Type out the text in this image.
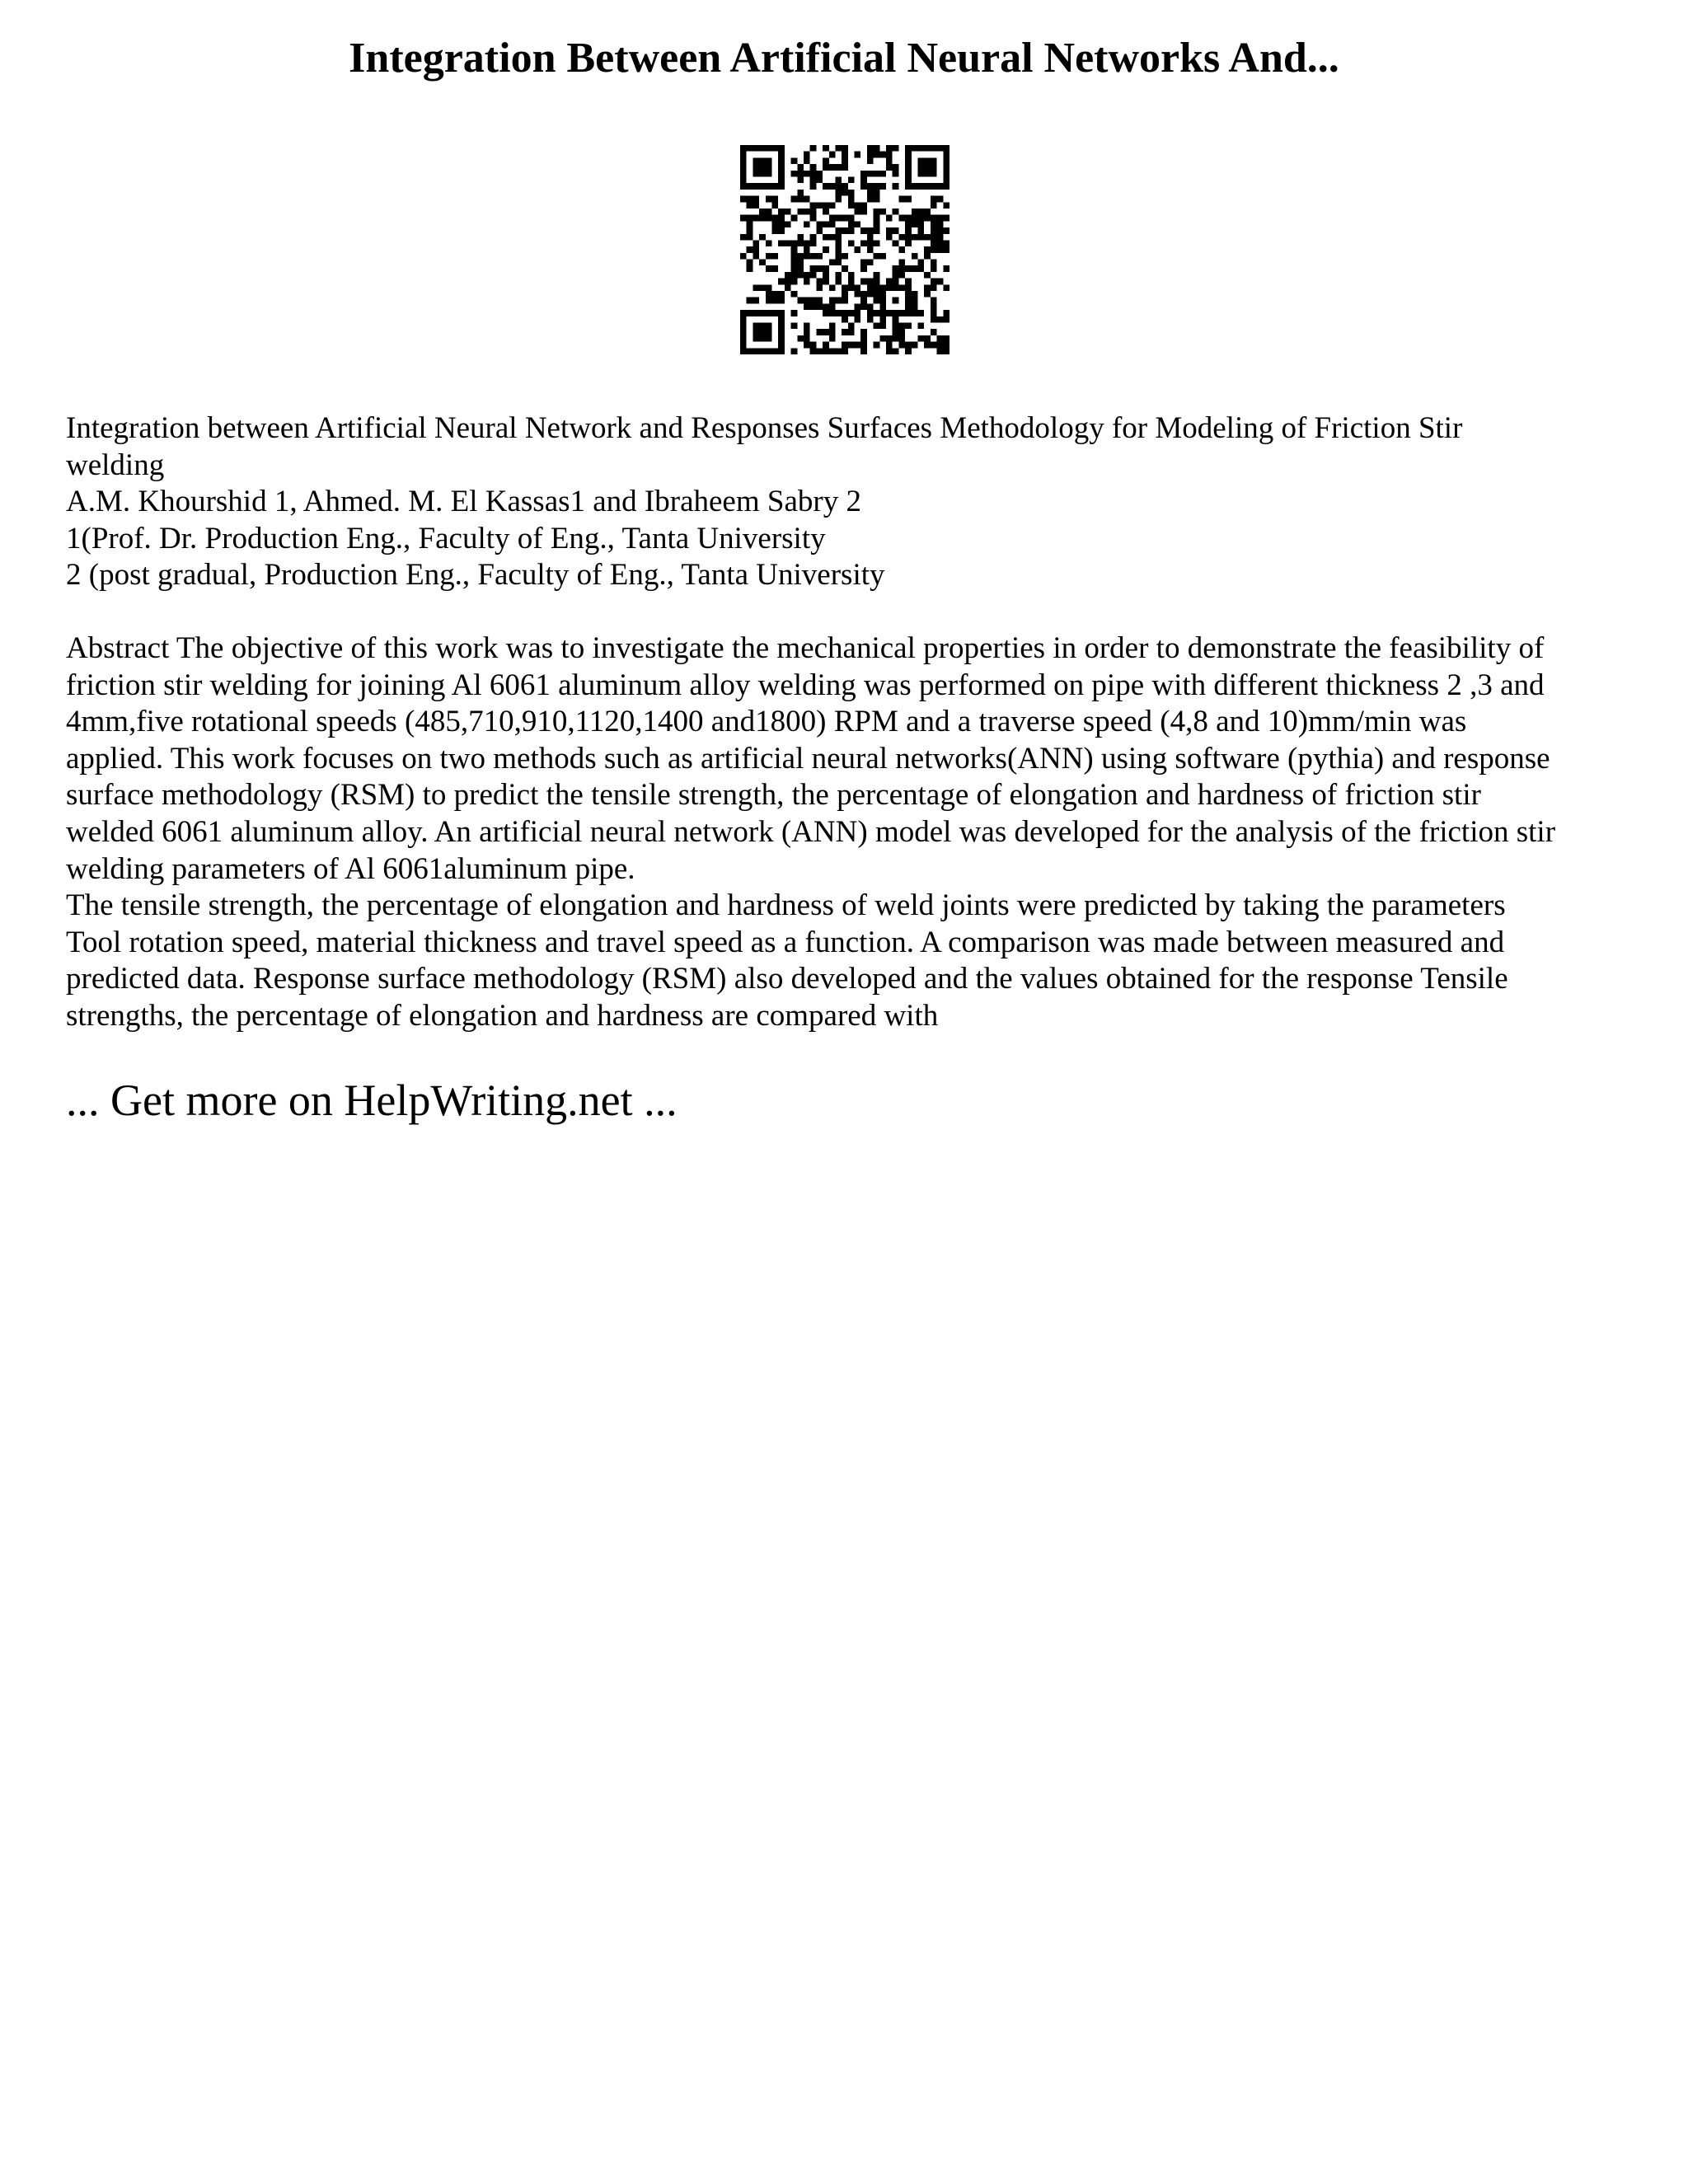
Integration Between Artificial Neural Networks And...
Integration between Artificial Neural Network and Responses Surfaces Methodology for Modeling of Friction Stir
welding
A.M. Khourshid 1, Ahmed. M. El Kassas1 and Ibraheem Sabry 2
1(Prof. Dr. Production Eng., Faculty of Eng., Tanta University
2 (post gradual, Production Eng., Faculty of Eng., Tanta University
Abstract The objective of this work was to investigate the mechanical properties in order to demonstrate the feasibility of
friction stir welding for joining Al 6061 aluminum alloy welding was performed on pipe with different thickness 2 ,3 and
4mm,five rotational speeds (485,710,910,1120,1400 and1800) RPM and a traverse speed (4,8 and 10)mm/min was
applied. This work focuses on two methods such as artificial neural networks(ANN) using software (pythia) and response
surface methodology (RSM) to predict the tensile strength, the percentage of elongation and hardness of friction stir
welded 6061 aluminum alloy. An artificial neural network (ANN) model was developed for the analysis of the friction stir
welding parameters of Al 6061aluminum pipe.
The tensile strength, the percentage of elongation and hardness of weld joints were predicted by taking the parameters
Tool rotation speed, material thickness and travel speed as a function. A comparison was made between measured and
predicted data. Response surface methodology (RSM) also developed and the values obtained for the response Tensile
strengths, the percentage of elongation and hardness are compared with
... Get more on HelpWriting.net ...
